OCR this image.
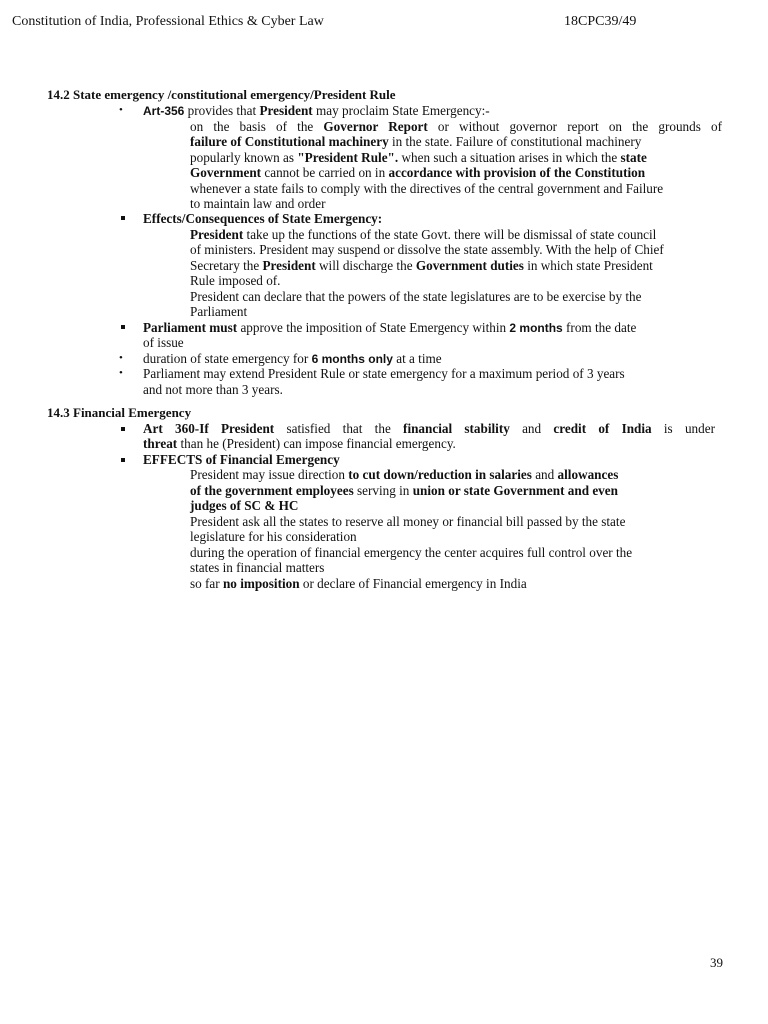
Constitution of India, Professional Ethics & Cyber Law	18CPC39/49
14.2 State emergency /constitutional emergency/President Rule
• Art-356 provides that President may proclaim State Emergency:-
on the basis of the Governor Report or without governor report on the grounds of
failure of Constitutional machinery in the state. Failure of constitutional machinery
popularly known as "President Rule". when such a situation arises in which the state
Government cannot be carried on in accordance with provision of the Constitution
whenever a state fails to comply with the directives of the central government and Failure
to maintain law and order
Effects/Consequences of State Emergency:
President take up the functions of the state Govt. there will be dismissal of state council
of ministers. President may suspend or dissolve the state assembly. With the help of Chief
Secretary the President will discharge the Government duties in which state President
Rule imposed of.
President can declare that the powers of the state legislatures are to be exercise by the
Parliament
Parliament must approve the imposition of State Emergency within 2 months from the date
of issue
• duration of state emergency for 6 months only at a time
• Parliament may extend President Rule or state emergency for a maximum period of 3 years
and not more than 3 years.
14.3 Financial Emergency
Art 360-If President satisfied that the financial stability and credit of India is under
threat than he (President) can impose financial emergency.
EFFECTS of Financial Emergency
President may issue direction to cut down/reduction in salaries and allowances
of the government employees serving in union or state Government and even
judges of SC & HC
President ask all the states to reserve all money or financial bill passed by the state
legislature for his consideration
during the operation of financial emergency the center acquires full control over the
states in financial matters
so far no imposition or declare of Financial emergency in India
39
